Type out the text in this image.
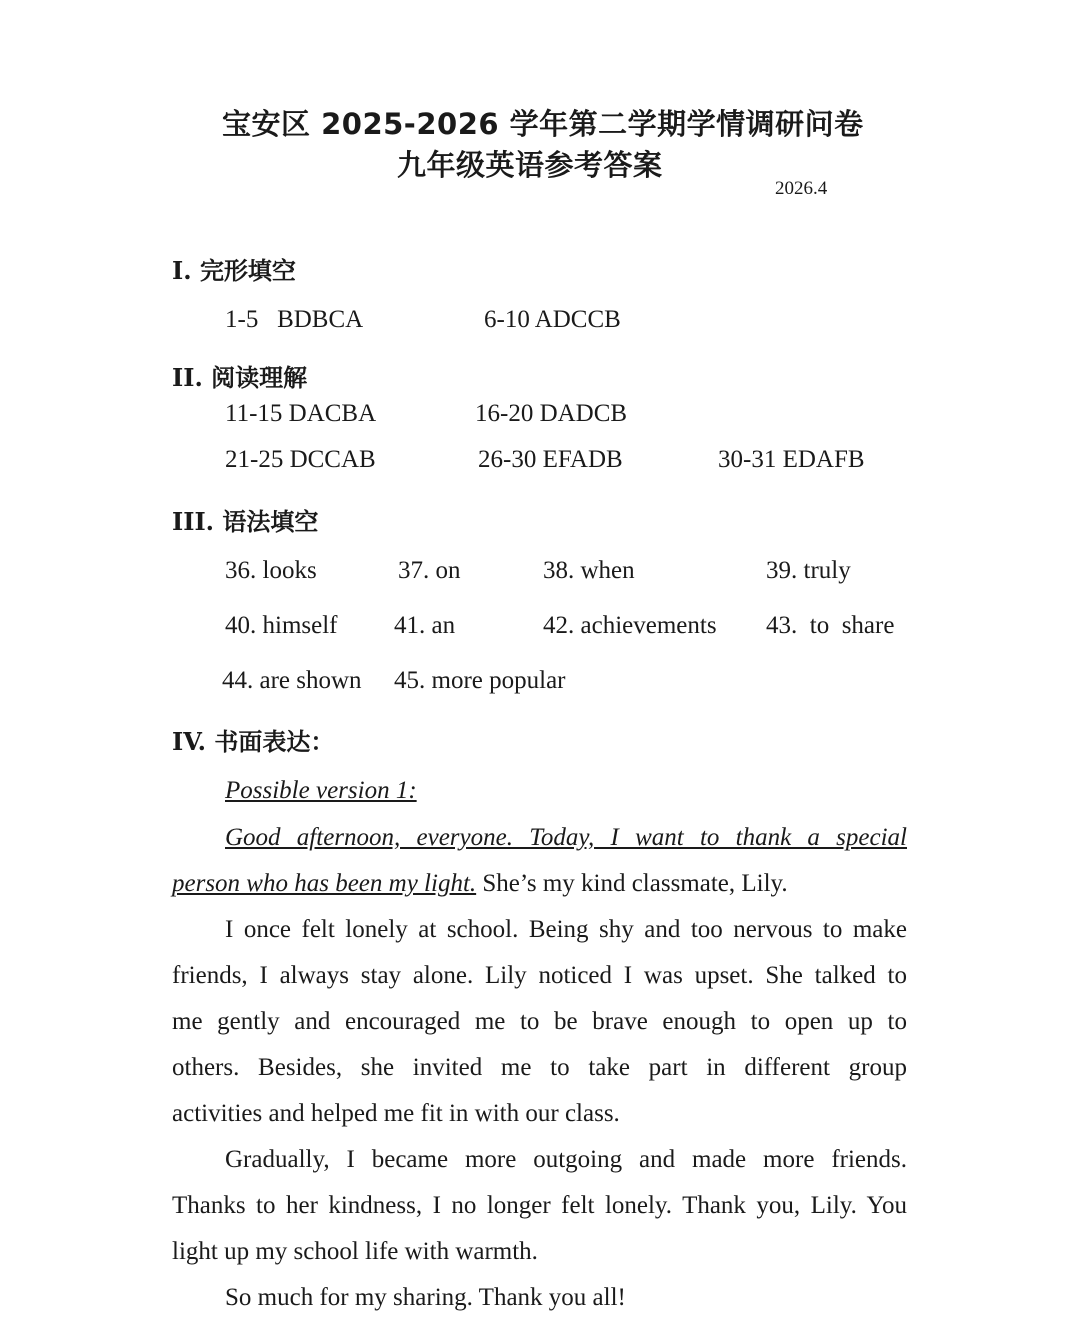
宝安区 2025-2026 学年第二学期学情调研问卷
九年级英语参考答案
2026.4
I. 完形填空
1-5   BDBCA	6-10 ADCCB
II. 阅读理解
11-15 DACBA	16-20 DADCB
21-25 DCCAB	26-30 EFADB	30-31 EDAFB
III. 语法填空
36. looks	37. on	38. when	39. truly
40. himself 41. an	42. achievements 43.  to  share
44. are shown 45. more popular
IV. 书面表达：
Possible version 1:
Good afternoon, everyone. Today, I want to thank a special
person who has been my light. She’s my kind classmate, Lily.
I once felt lonely at school. Being shy and too nervous to make
friends, I always stay alone. Lily noticed I was upset. She talked to
me gently and encouraged me to be brave enough to open up to
others. Besides, she invited me to take part in different group
activities and helped me fit in with our class.
Gradually, I became more outgoing and made more friends.
Thanks to her kindness, I no longer felt lonely. Thank you, Lily. You
light up my school life with warmth.
So much for my sharing. Thank you all!
